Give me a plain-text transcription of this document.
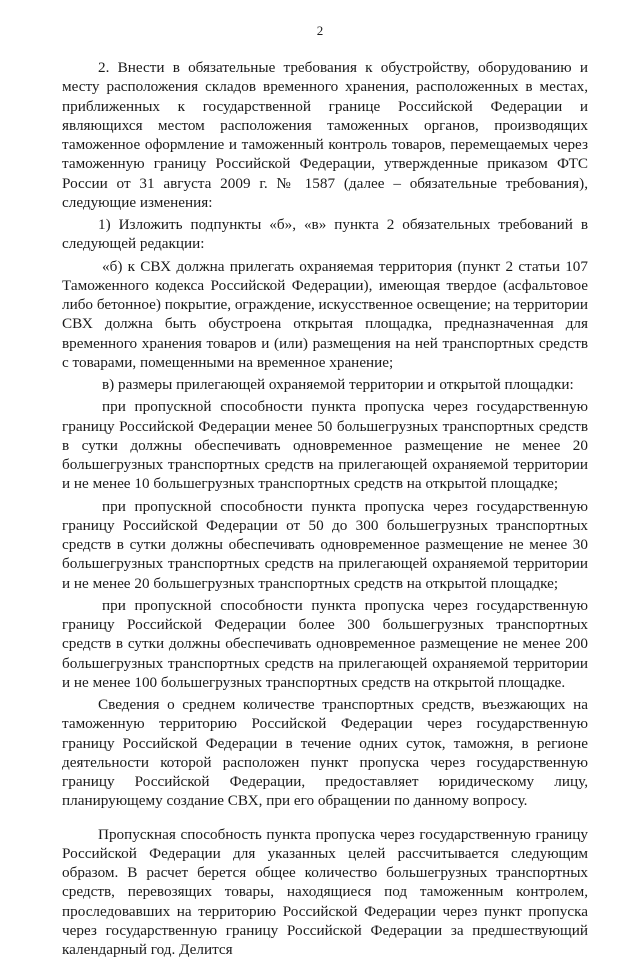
2

2. Внести в обязательные требования к обустройству, оборудованию и месту расположения складов временного хранения, расположенных в местах, приближенных к государственной границе Российской Федерации и являющихся местом расположения таможенных органов, производящих таможенное оформление и таможенный контроль товаров, перемещаемых через таможенную границу Российской Федерации, утвержденные приказом ФТС России от 31 августа 2009 г. № 1587 (далее – обязательные требования), следующие изменения:

1) Изложить подпункты «б», «в» пункта 2 обязательных требований в следующей редакции:

«б) к СВХ должна прилегать охраняемая территория (пункт 2 статьи 107 Таможенного кодекса Российской Федерации), имеющая твердое (асфальтовое либо бетонное) покрытие, ограждение, искусственное освещение; на территории СВХ должна быть обустроена открытая площадка, предназначенная для временного хранения товаров и (или) размещения на ней транспортных средств с товарами, помещенными на временное хранение;

в) размеры прилегающей охраняемой территории и открытой площадки:

при пропускной способности пункта пропуска через государственную границу Российской Федерации менее 50 большегрузных транспортных средств в сутки должны обеспечивать одновременное размещение не менее 20 большегрузных транспортных средств на прилегающей охраняемой территории и не менее 10 большегрузных транспортных средств на открытой площадке;

при пропускной способности пункта пропуска через государственную границу Российской Федерации от 50 до 300 большегрузных транспортных средств в сутки должны обеспечивать одновременное размещение не менее 30 большегрузных транспортных средств на прилегающей охраняемой территории и не менее 20 большегрузных транспортных средств на открытой площадке;

при пропускной способности пункта пропуска через государственную границу Российской Федерации более 300 большегрузных транспортных средств в сутки должны обеспечивать одновременное размещение не менее 200 большегрузных транспортных средств на прилегающей охраняемой территории и не менее 100 большегрузных транспортных средств на открытой площадке.

Сведения о среднем количестве транспортных средств, въезжающих на таможенную территорию Российской Федерации через государственную границу Российской Федерации в течение одних суток, таможня, в регионе деятельности которой расположен пункт пропуска через государственную границу Российской Федерации, предоставляет юридическому лицу, планирующему создание СВХ, при его обращении по данному вопросу.

Пропускная способность пункта пропуска через государственную границу Российской Федерации для указанных целей рассчитывается следующим образом. В расчет берется общее количество большегрузных транспортных средств, перевозящих товары, находящиеся под таможенным контролем, проследовавших на территорию Российской Федерации через пункт пропуска через государственную границу Российской Федерации за предшествующий календарный год. Делится
